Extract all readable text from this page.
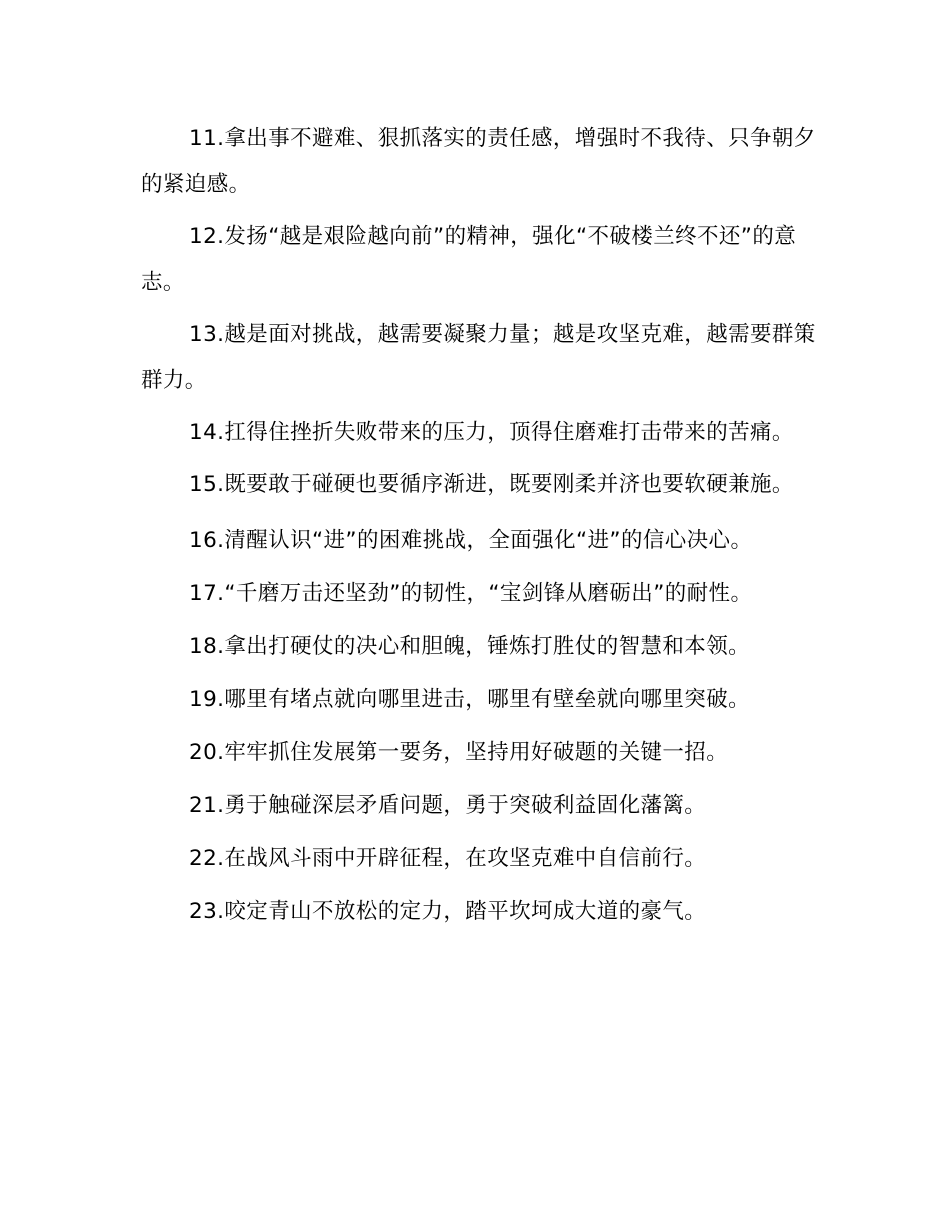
11.拿出事不避难、狠抓落实的责任感，增强时不我待、只争朝夕的紧迫感。

12.发扬“越是艰险越向前”的精神，强化“不破楼兰终不还”的意志。

13.越是面对挑战，越需要凝聚力量；越是攻坚克难，越需要群策群力。

14.扛得住挫折失败带来的压力，顶得住磨难打击带来的苦痛。

15.既要敢于碰硬也要循序渐进，既要刚柔并济也要软硬兼施。

16.清醒认识“进”的困难挑战，全面强化“进”的信心决心。

17.“千磨万击还坚劲”的韧性，“宝剑锋从磨砺出”的耐性。

18.拿出打硬仗的决心和胆魄，锤炼打胜仗的智慧和本领。

19.哪里有堵点就向哪里进击，哪里有壁垒就向哪里突破。

20.牢牢抓住发展第一要务，坚持用好破题的关键一招。

21.勇于触碰深层矛盾问题，勇于突破利益固化藩篱。

22.在战风斗雨中开辟征程，在攻坚克难中自信前行。

23.咬定青山不放松的定力，踏平坎坷成大道的豪气。
